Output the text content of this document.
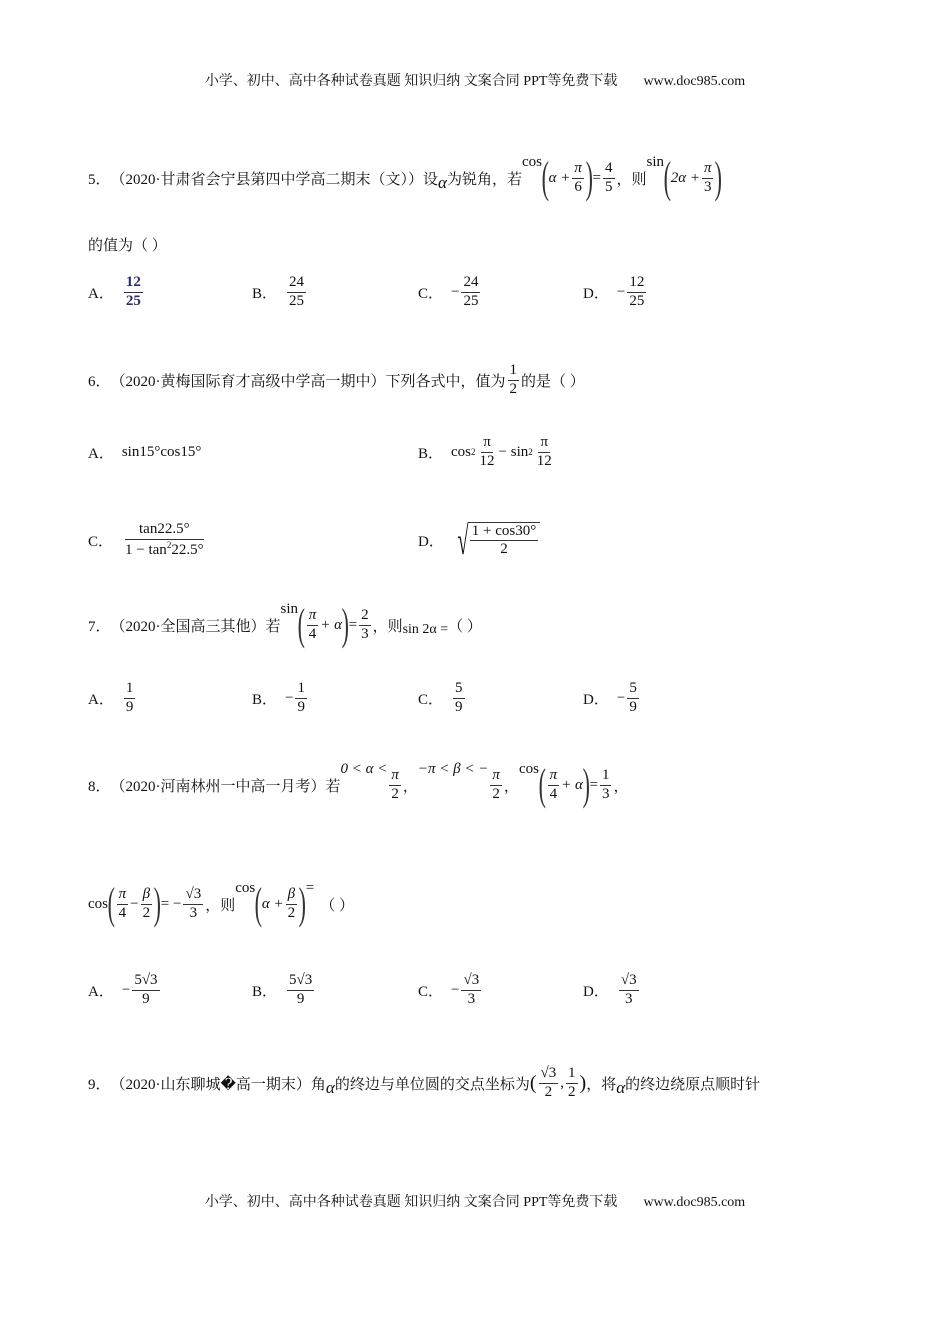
小学、初中、高中各种试卷真题 知识归纳 文案合同 PPT等免费下载 www.doc985.com
5． （2020·甘肃省会宁县第四中学高二期末（文））设 α 为锐角，若
cos ( $\alpha + \frac{\pi}{6}$ ) = $\frac{4}{5}$ ，则
sin ( $2\alpha + \frac{\pi}{3}$ )
的值为（ ）
A． $\frac{12}{25}$	B． $\frac{24}{25}$	C． − $\frac{24}{25}$	D． − $\frac{12}{25}$
6． （2020·黄梅国际育才高级中学高一期中）下列各式中，值为 $\frac{1}{2}$ 的是（ ）
A． sin15°cos15°	B． $\cos 2 \frac{\pi}{12} - \sin 2 \frac{\pi}{12}$
C． $\frac{\tan 22.5^\circ}{1 - \tan^222.5^\circ}$	D． √ $\frac{1 + \cos 30^\circ}{2}$
7． （2020·全国高三其他）若
sin ( $\frac{\pi}{4} + \alpha$ ) = $\frac{2}{3}$ ，则 sin 2α = （ ）
A． $\frac{1}{9}$	B． − $\frac{1}{9}$	C． $\frac{5}{9}$	D． − $\frac{5}{9}$
8． （2020·河南林州一中高一月考）若
$0 < \alpha < \frac{\pi}{2}$ ，
−π < β < − $\frac{\pi}{2}$ ，
cos ( $\frac{\pi}{4} + \alpha$ ) = $\frac{1}{3}$ ，
cos ( $\frac{\pi}{4} - \frac{\beta}{2}$ ) = − $\frac{√3}{3}$ ，则
cos ( $\alpha + \frac{\beta}{2}$ ) =
（ ）
A． − $\frac{5√3}{9}$	B． $\frac{5√3}{9}$	C． − $\frac{√3}{3}$	D． $\frac{√3}{3}$
9． （2020·山东聊城�高一期末）角 α 的终边与单位圆的交点坐标为 ( $\frac{√3}{2}$ , $\frac{1}{2}$ ) ，将 α 的终边绕原点顺时针
小学、初中、高中各种试卷真题 知识归纳 文案合同 PPT等免费下载 www.doc985.com
